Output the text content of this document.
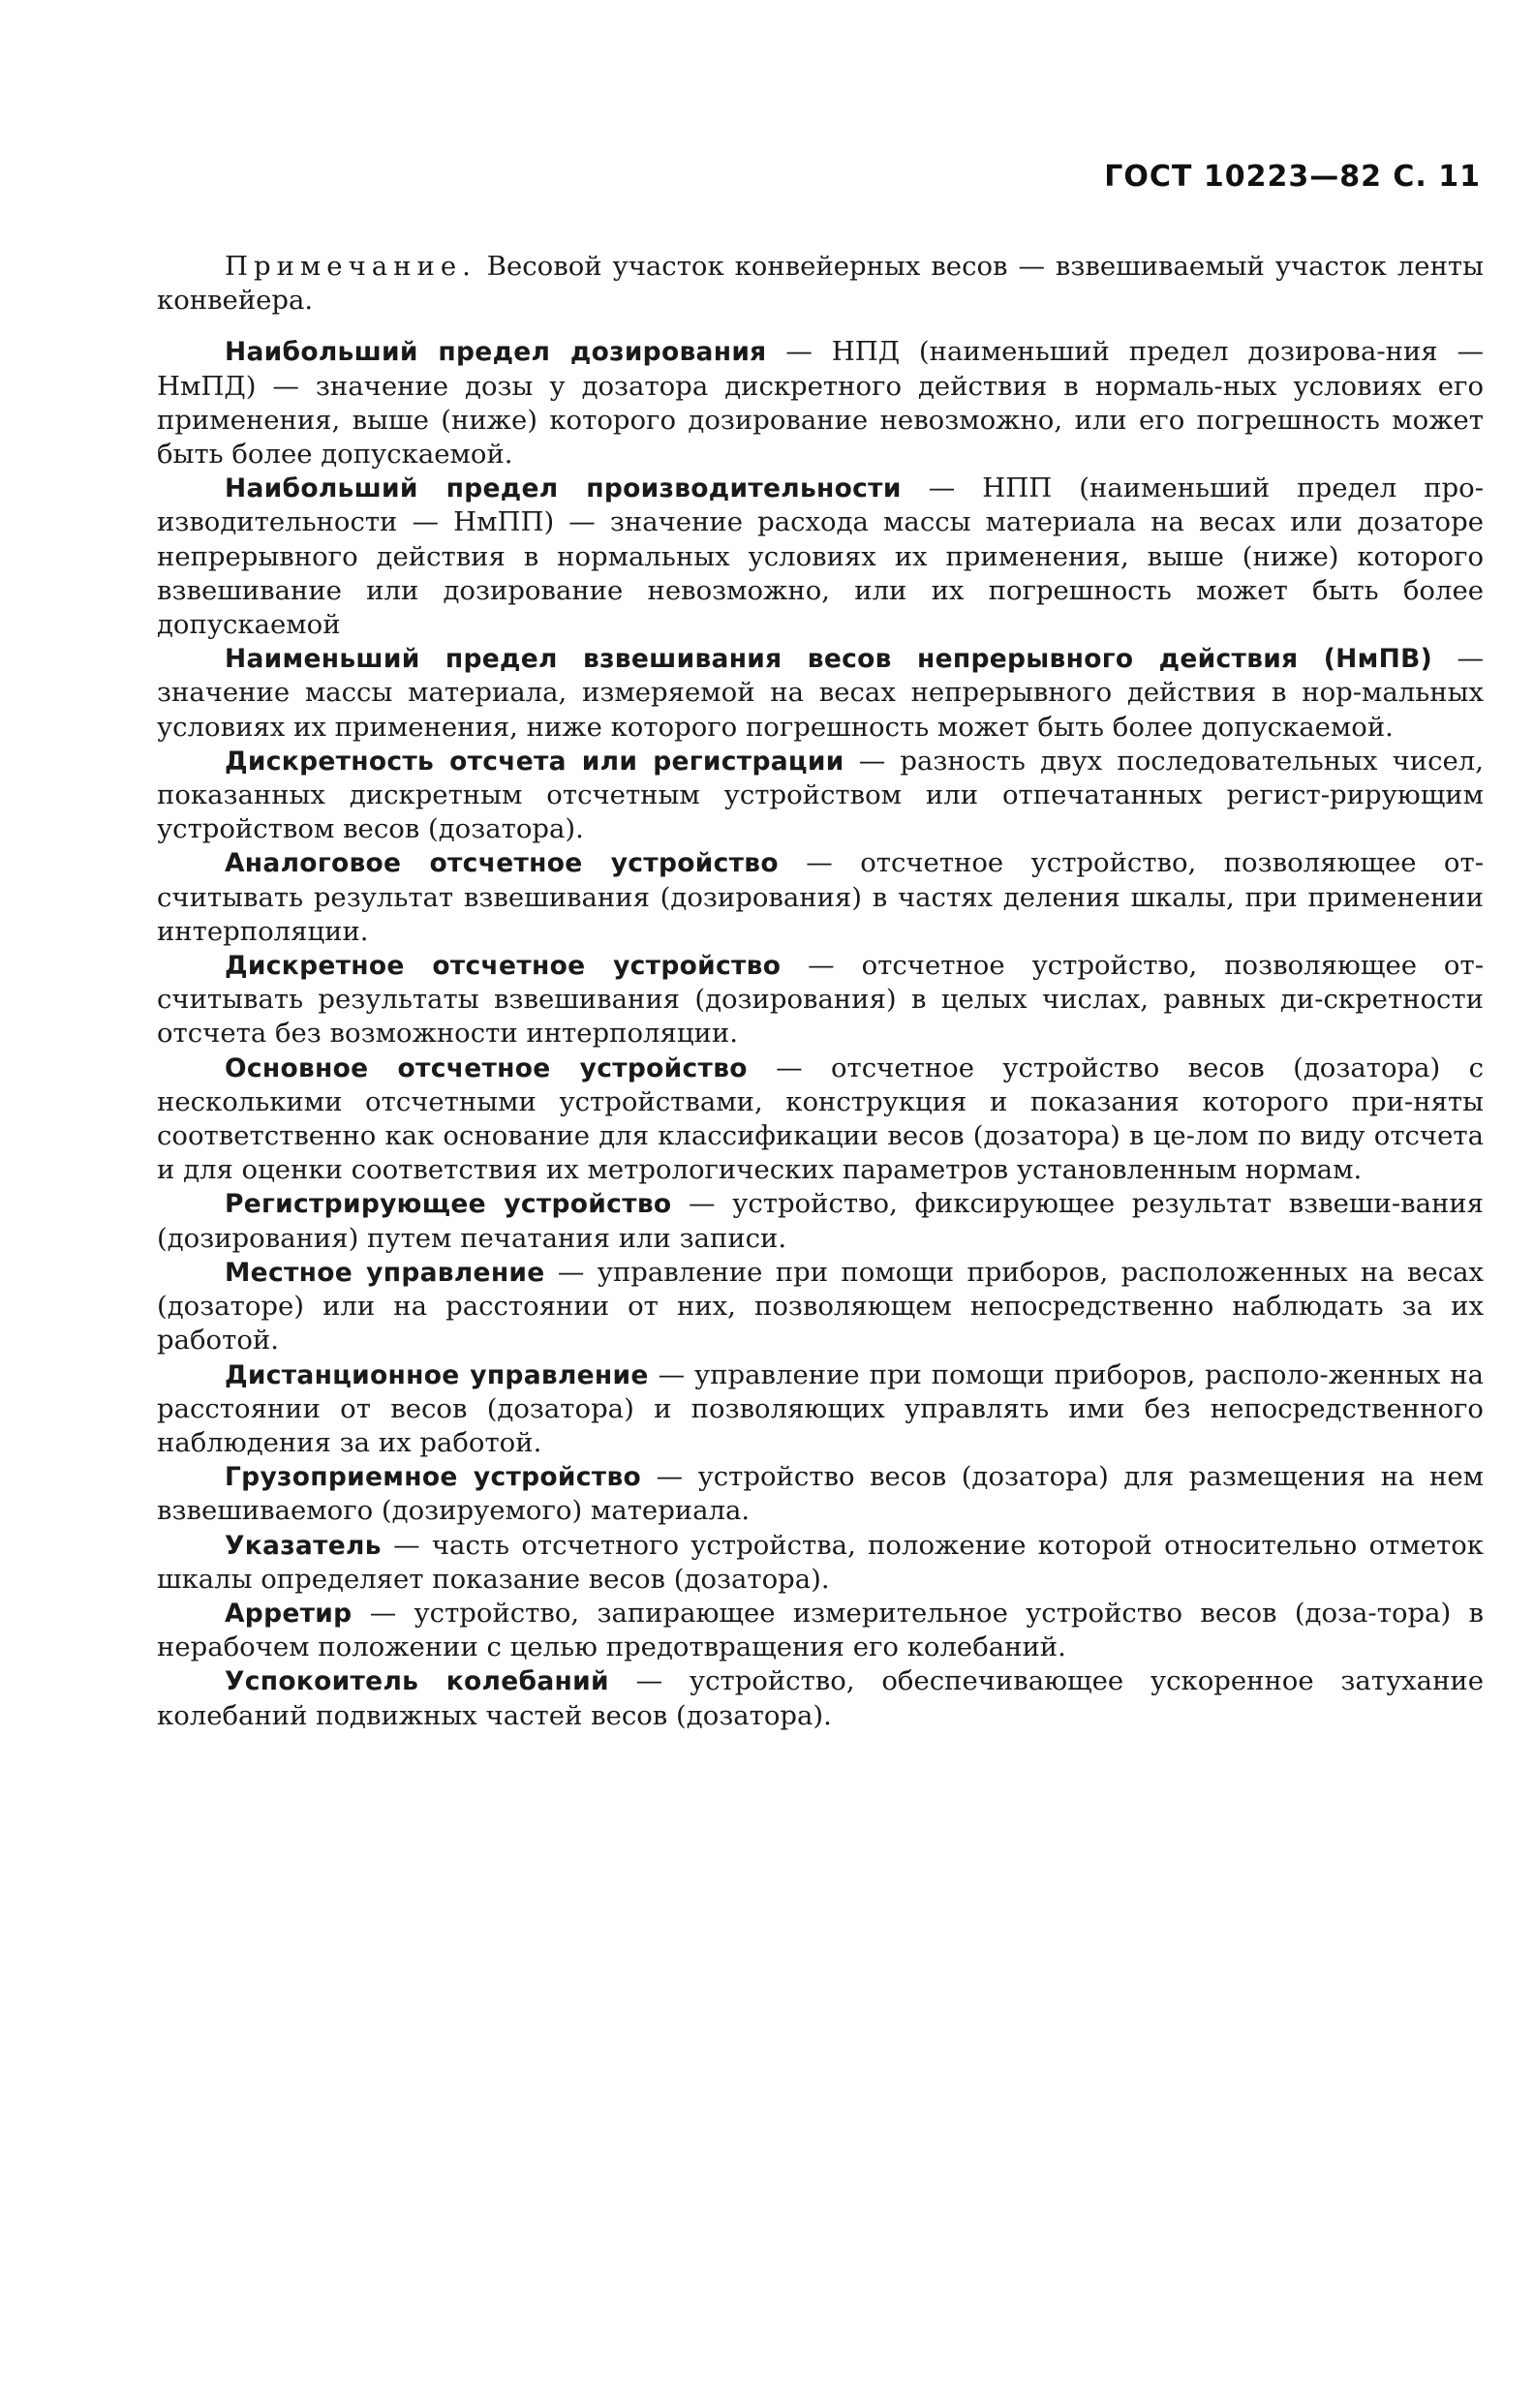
ГОСТ 10223—82 С. 11

Примечание. Весовой участок конвейерных весов — взвешиваемый участок ленты конвейера.

Наибольший предел дозирования — НПД (наименьший предел дозирова-ния — НмПД) — значение дозы у дозатора дискретного действия в нормаль-ных условиях его применения, выше (ниже) которого дозирование невозможно, или его погрешность может быть более допускаемой.

Наибольший предел производительности — НПП (наименьший предел про-изводительности — НмПП) — значение расхода массы материала на весах или дозаторе непрерывного действия в нормальных условиях их применения, выше (ниже) которого взвешивание или дозирование невозможно, или их погрешность может быть более допускаемой

Наименьший предел взвешивания весов непрерывного действия (НмПВ) — значение массы материала, измеряемой на весах непрерывного действия в нор-мальных условиях их применения, ниже которого погрешность может быть более допускаемой.

Дискретность отсчета или регистрации — разность двух последовательных чисел, показанных дискретным отсчетным устройством или отпечатанных регист-рирующим устройством весов (дозатора).

Аналоговое отсчетное устройство — отсчетное устройство, позволяющее от-считывать результат взвешивания (дозирования) в частях деления шкалы, при применении интерполяции.

Дискретное отсчетное устройство — отсчетное устройство, позволяющее от-считывать результаты взвешивания (дозирования) в целых числах, равных ди-скретности отсчета без возможности интерполяции.

Основное отсчетное устройство — отсчетное устройство весов (дозатора) с несколькими отсчетными устройствами, конструкция и показания которого при-няты соответственно как основание для классификации весов (дозатора) в це-лом по виду отсчета и для оценки соответствия их метрологических параметров установленным нормам.

Регистрирующее устройство — устройство, фиксирующее результат взвеши-вания (дозирования) путем печатания или записи.

Местное управление — управление при помощи приборов, расположенных на весах (дозаторе) или на расстоянии от них, позволяющем непосредственно наблюдать за их работой.

Дистанционное управление — управление при помощи приборов, располо-женных на расстоянии от весов (дозатора) и позволяющих управлять ими без непосредственного наблюдения за их работой.

Грузоприемное устройство — устройство весов (дозатора) для размещения на нем взвешиваемого (дозируемого) материала.

Указатель — часть отсчетного устройства, положение которой относительно отметок шкалы определяет показание весов (дозатора).

Арретир — устройство, запирающее измерительное устройство весов (доза-тора) в нерабочем положении с целью предотвращения его колебаний.

Успокоитель колебаний — устройство, обеспечивающее ускоренное затухание колебаний подвижных частей весов (дозатора).
